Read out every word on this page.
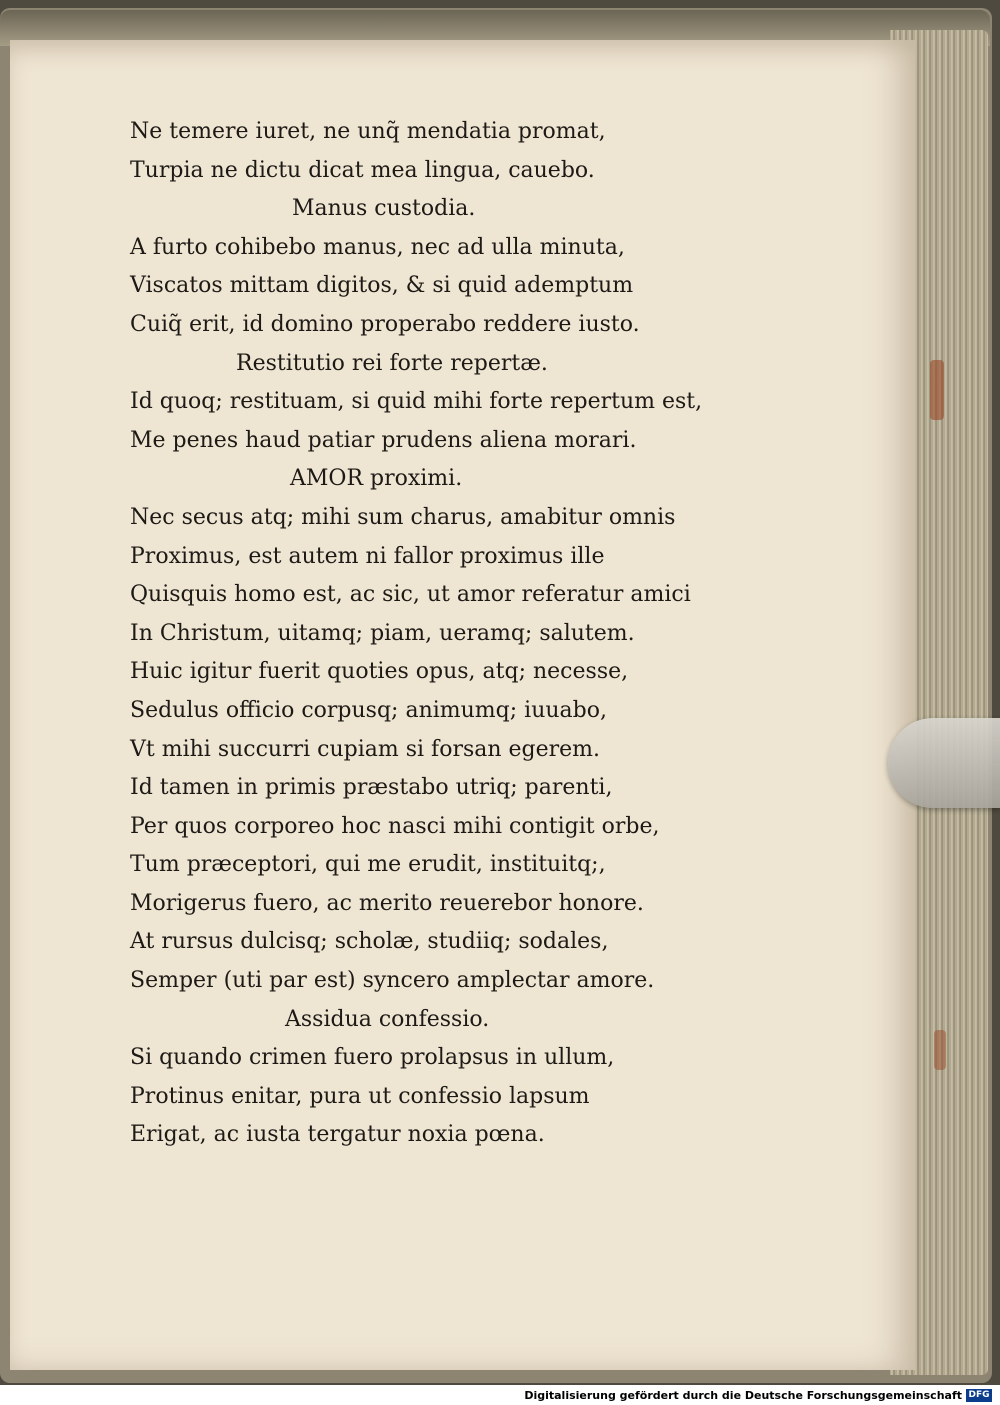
Ne temere iuret, ne unq̃ mendatia promat,
Turpia ne dictu dicat mea lingua, cauebo.
Manus custodia.
A furto cohibebo manus, nec ad ulla minuta,
Viscatos mittam digitos, & si quid ademptum
Cuiq̃ erit, id domino properabo reddere iusto.
Restitutio rei forte repertæ.
Id quoq; restituam, si quid mihi forte repertum est,
Me penes haud patiar prudens aliena morari.
AMOR proximi.
Nec secus atq; mihi sum charus, amabitur omnis
Proximus, est autem ni fallor proximus ille
Quisquis homo est, ac sic, ut amor referatur amici
In Christum, uitamq; piam, ueramq; salutem.
Huic igitur fuerit quoties opus, atq; necesse,
Sedulus officio corpusq; animumq; iuuabo,
Vt mihi succurri cupiam si forsan egerem.
Id tamen in primis præstabo utriq; parenti,
Per quos corporeo hoc nasci mihi contigit orbe,
Tum præceptori, qui me erudit, instituitq;,
Morigerus fuero, ac merito reuerebor honore.
At rursus dulcisq; scholæ, studiiq; sodales,
Semper (uti par est) syncero amplectar amore.
Assidua confessio.
Si quando crimen fuero prolapsus in ullum,
Protinus enitar, pura ut confessio lapsum
Erigat, ac iusta tergatur noxia pœna.
Digitalisierung gefördert durch die Deutsche Forschungsgemeinschaft DFG
